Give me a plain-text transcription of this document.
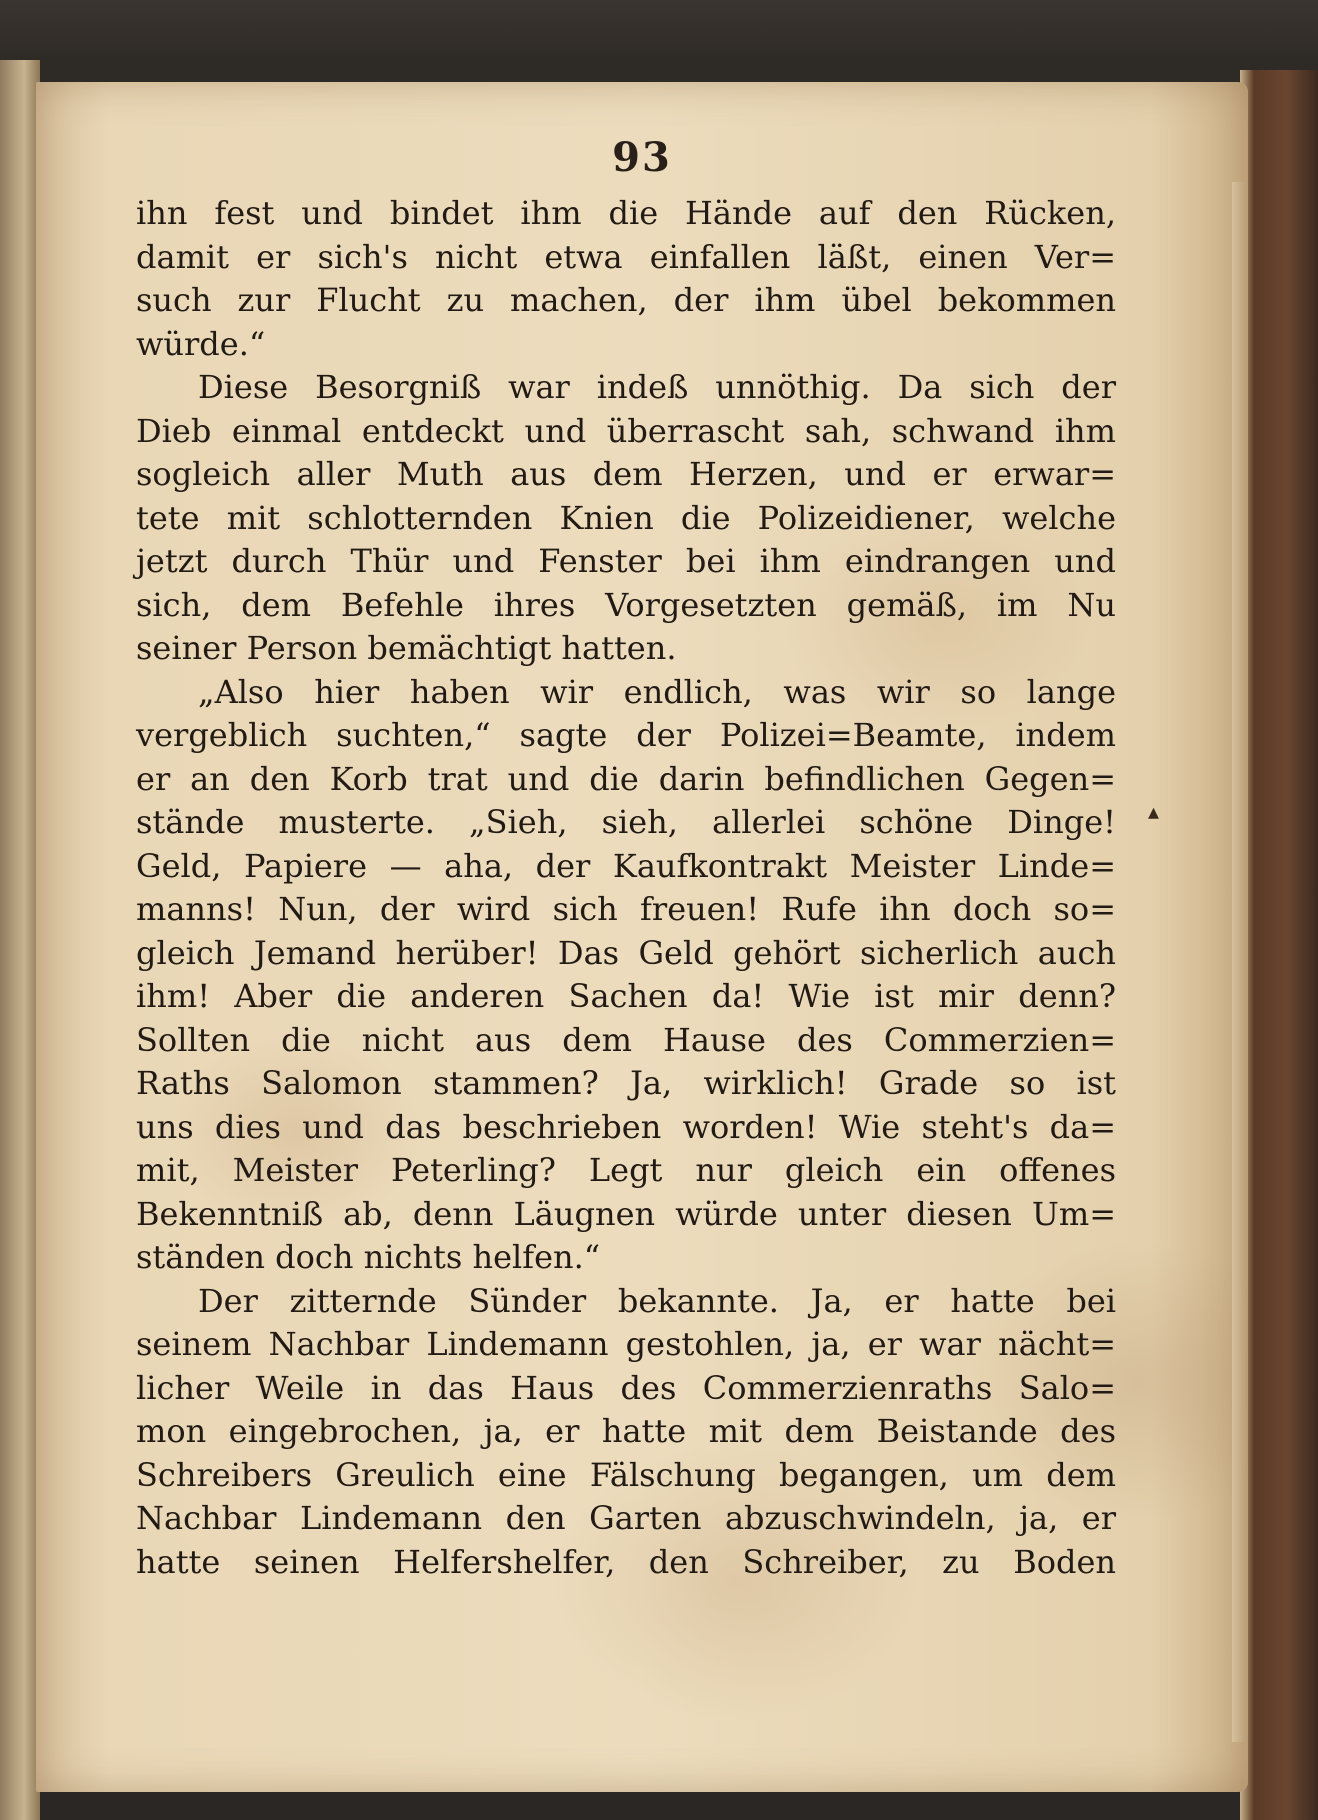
93
ihn fest und bindet ihm die Hände auf den Rücken,
damit er sich's nicht etwa einfallen läßt, einen Ver=
such zur Flucht zu machen, der ihm übel bekommen
würde.“
Diese Besorgniß war indeß unnöthig. Da sich der
Dieb einmal entdeckt und überrascht sah, schwand ihm
sogleich aller Muth aus dem Herzen, und er erwar=
tete mit schlotternden Knien die Polizeidiener, welche
jetzt durch Thür und Fenster bei ihm eindrangen und
sich, dem Befehle ihres Vorgesetzten gemäß, im Nu
seiner Person bemächtigt hatten.
„Also hier haben wir endlich, was wir so lange
vergeblich suchten,“ sagte der Polizei=Beamte, indem
er an den Korb trat und die darin befindlichen Gegen=
stände musterte. „Sieh, sieh, allerlei schöne Dinge!
Geld, Papiere — aha, der Kaufkontrakt Meister Linde=
manns! Nun, der wird sich freuen! Rufe ihn doch so=
gleich Jemand herüber! Das Geld gehört sicherlich auch
ihm! Aber die anderen Sachen da! Wie ist mir denn?
Sollten die nicht aus dem Hause des Commerzien=
Raths Salomon stammen? Ja, wirklich! Grade so ist
uns dies und das beschrieben worden! Wie steht's da=
mit, Meister Peterling? Legt nur gleich ein offenes
Bekenntniß ab, denn Läugnen würde unter diesen Um=
ständen doch nichts helfen.“
Der zitternde Sünder bekannte. Ja, er hatte bei
seinem Nachbar Lindemann gestohlen, ja, er war nächt=
licher Weile in das Haus des Commerzienraths Salo=
mon eingebrochen, ja, er hatte mit dem Beistande des
Schreibers Greulich eine Fälschung begangen, um dem
Nachbar Lindemann den Garten abzuschwindeln, ja, er
hatte seinen Helfershelfer, den Schreiber, zu Boden
▴
